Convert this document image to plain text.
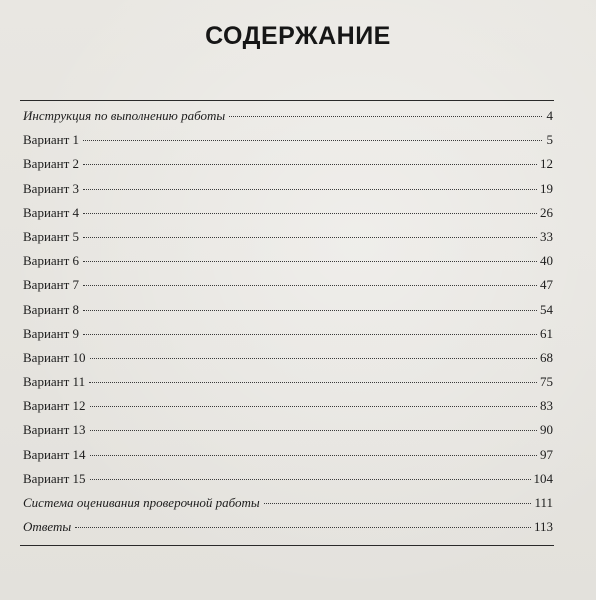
СОДЕРЖАНИЕ
Инструкция по выполнению работы	4
Вариант 1	5
Вариант 2	12
Вариант 3	19
Вариант 4	26
Вариант 5	33
Вариант 6	40
Вариант 7	47
Вариант 8	54
Вариант 9	61
Вариант 10	68
Вариант 11	75
Вариант 12	83
Вариант 13	90
Вариант 14	97
Вариант 15	104
Система оценивания проверочной работы	111
Ответы	113
